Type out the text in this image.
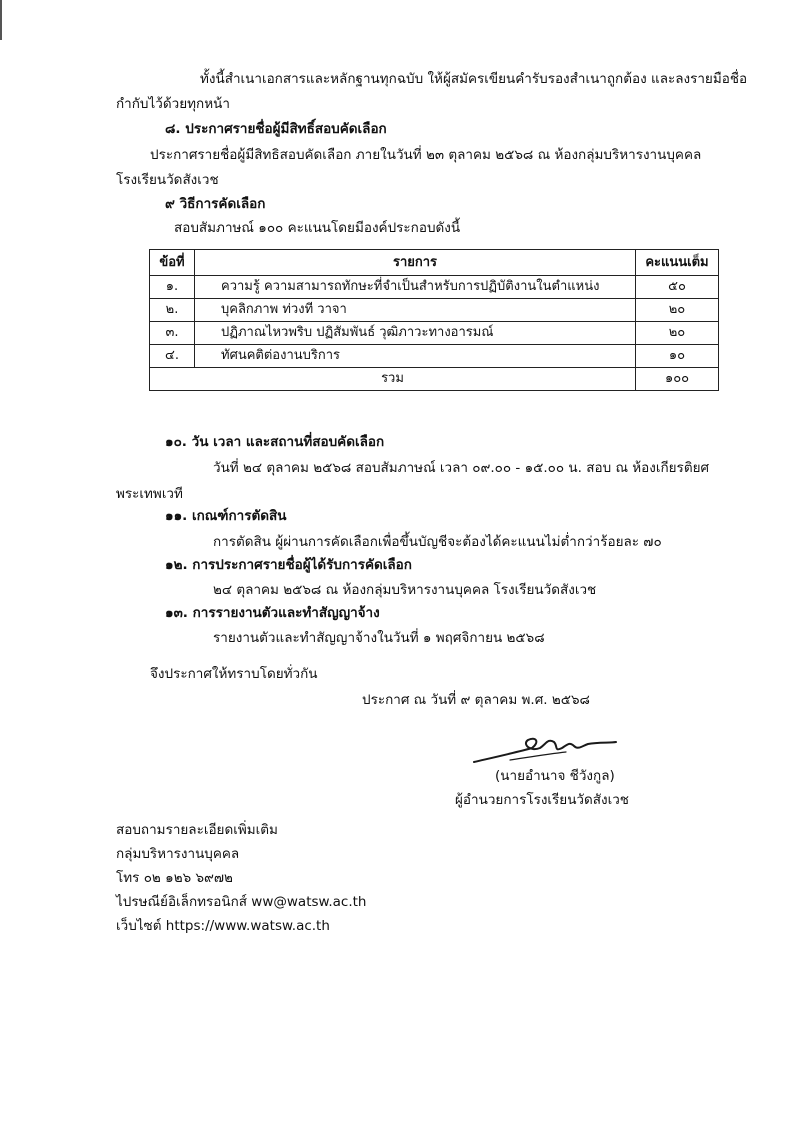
ทั้งนี้สำเนาเอกสารและหลักฐานทุกฉบับ ให้ผู้สมัครเขียนคำรับรองสำเนาถูกต้อง และลงรายมือชื่อ
กำกับไว้ด้วยทุกหน้า
๘. ประกาศรายชื่อผู้มีสิทธิ์สอบคัดเลือก
ประกาศรายชื่อผู้มีสิทธิสอบคัดเลือก ภายในวันที่ ๒๓ ตุลาคม ๒๕๖๘ ณ ห้องกลุ่มบริหารงานบุคคล
โรงเรียนวัดสังเวช
๙ วิธีการคัดเลือก
สอบสัมภาษณ์ ๑๐๐ คะแนนโดยมีองค์ประกอบดังนี้
ข้อที่	รายการ	คะแนนเต็ม
๑.	ความรู้ ความสามารถทักษะที่จำเป็นสำหรับการปฏิบัติงานในตำแหน่ง	๕๐
๒.	บุคลิกภาพ ท่วงที วาจา	๒๐
๓.	ปฏิภาณไหวพริบ ปฏิสัมพันธ์ วุฒิภาวะทางอารมณ์	๒๐
๔.	ทัศนคติต่องานบริการ	๑๐
รวม		๑๐๐
๑๐. วัน เวลา และสถานที่สอบคัดเลือก
วันที่ ๒๔ ตุลาคม ๒๕๖๘ สอบสัมภาษณ์ เวลา ๐๙.๐๐ - ๑๕.๐๐ น. สอบ ณ ห้องเกียรติยศ
พระเทพเวที
๑๑. เกณฑ์การตัดสิน
การตัดสิน ผู้ผ่านการคัดเลือกเพื่อขึ้นบัญชีจะต้องได้คะแนนไม่ต่ำกว่าร้อยละ ๗๐
๑๒. การประกาศรายชื่อผู้ได้รับการคัดเลือก
๒๔ ตุลาคม ๒๕๖๘ ณ ห้องกลุ่มบริหารงานบุคคล โรงเรียนวัดสังเวช
๑๓. การรายงานตัวและทำสัญญาจ้าง
รายงานตัวและทำสัญญาจ้างในวันที่ ๑ พฤศจิกายน ๒๕๖๘
จึงประกาศให้ทราบโดยทั่วกัน
ประกาศ ณ วันที่ ๙ ตุลาคม พ.ศ. ๒๕๖๘
(นายอำนาจ ชีวังกูล)
ผู้อำนวยการโรงเรียนวัดสังเวช
สอบถามรายละเอียดเพิ่มเติม
กลุ่มบริหารงานบุคคล
โทร ๐๒ ๑๒๖ ๖๙๗๒
ไปรษณีย์อิเล็กทรอนิกส์ ww@watsw.ac.th
เว็บไซต์ https://www.watsw.ac.th
